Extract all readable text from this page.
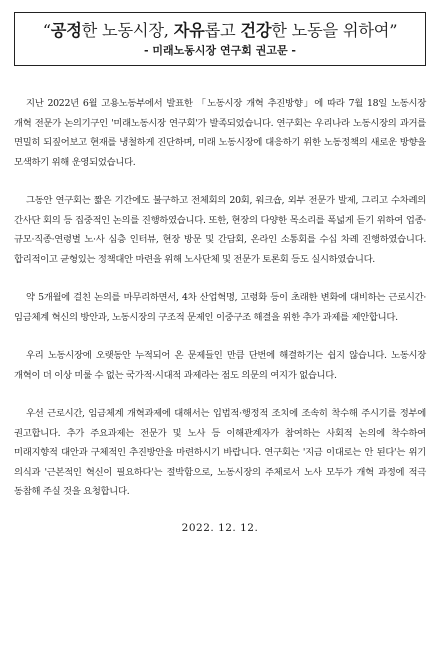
“공정한 노동시장, 자유롭고 건강한 노동을 위하여”
- 미래노동시장 연구회 권고문 -

지난 2022년 6월 고용노동부에서 발표한 「노동시장 개혁 추진방향」에 따라 7월 18일 노동시장 개혁 전문가 논의기구인 '미래노동시장 연구회'가 발족되었습니다. 연구회는 우리나라 노동시장의 과거를 면밀히 되짚어보고 현재를 냉철하게 진단하며, 미래 노동시장에 대응하기 위한 노동정책의 새로운 방향을 모색하기 위해 운영되었습니다.

그동안 연구회는 짧은 기간에도 불구하고 전체회의 20회, 워크숍, 외부 전문가 발제, 그리고 수차례의 간사단 회의 등 집중적인 논의를 진행하였습니다. 또한, 현장의 다양한 목소리를 폭넓게 듣기 위하여 업종·규모·직종·연령별 노·사 심층 인터뷰, 현장 방문 및 간담회, 온라인 소통회를 수십 차례 진행하였습니다. 합리적이고 균형있는 정책대안 마련을 위해 노사단체 및 전문가 토론회 등도 실시하였습니다.

약 5개월에 걸친 논의를 마무리하면서, 4차 산업혁명, 고령화 등이 초래한 변화에 대비하는 근로시간·임금체계 혁신의 방안과, 노동시장의 구조적 문제인 이중구조 해결을 위한 추가 과제를 제안합니다.

우리 노동시장에 오랫동안 누적되어 온 문제들인 만큼 단번에 해결하기는 쉽지 않습니다. 노동시장 개혁이 더 이상 미룰 수 없는 국가적·시대적 과제라는 점도 의문의 여지가 없습니다.

우선 근로시간, 임금체계 개혁과제에 대해서는 입법적·행정적 조치에 조속히 착수해 주시기를 정부에 권고합니다. 추가 주요과제는 전문가 및 노사 등 이해관계자가 참여하는 사회적 논의에 착수하여 미래지향적 대안과 구체적인 추진방안을 마련하시기 바랍니다. 연구회는 '지금 이대로는 안 된다'는 위기 의식과 '근본적인 혁신이 필요하다'는 절박함으로, 노동시장의 주체로서 노사 모두가 개혁 과정에 적극 동참해 주실 것을 요청합니다.

2022. 12. 12.
